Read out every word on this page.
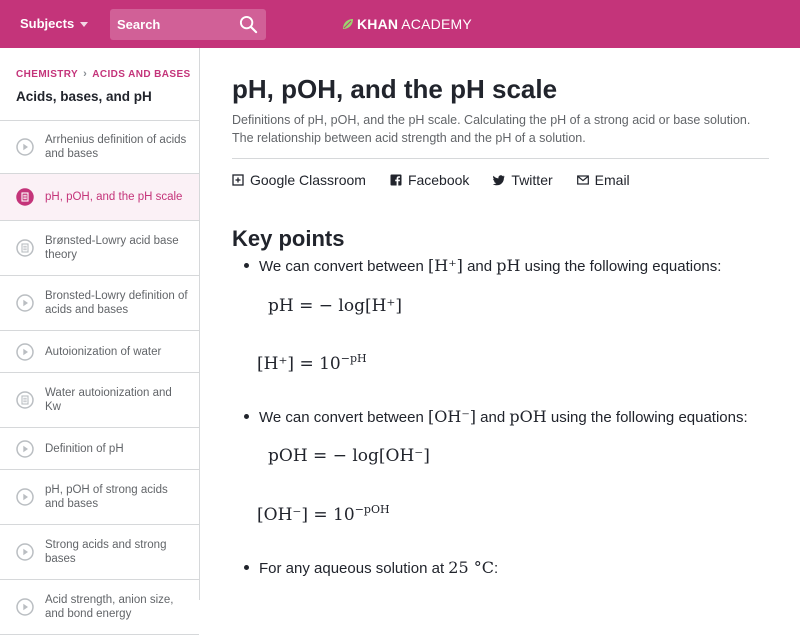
Subjects
Search	KHAN ACADEMY
CHEMISTRY › ACIDS AND BASES
Acids, bases, and pH
Arrhenius definition of acids and bases
pH, pOH, and the pH scale
Brønsted-Lowry acid base theory
Bronsted-Lowry definition of acids and bases
Autoionization of water
Water autoionization and Kw
Definition of pH
pH, pOH of strong acids and bases
Strong acids and strong bases
Acid strength, anion size, and bond energy
pH, pOH, and the pH scale

Definitions of pH, pOH, and the pH scale. Calculating the pH of a strong acid or base solution. The relationship between acid strength and the pH of a solution.

Google Classroom	Facebook	Twitter	Email
Key points
We can convert between
[H⁺]
and
pH
using the following equations:
pH = − log[H⁺]
$[H^+] = 10^{-pH}$
We can convert between
[OH⁻]
and
pOH
using the following equations:
pOH = − log[OH⁻]
$[OH^-] = 10^{-pOH}$
For any aqueous solution at
25 °C :
